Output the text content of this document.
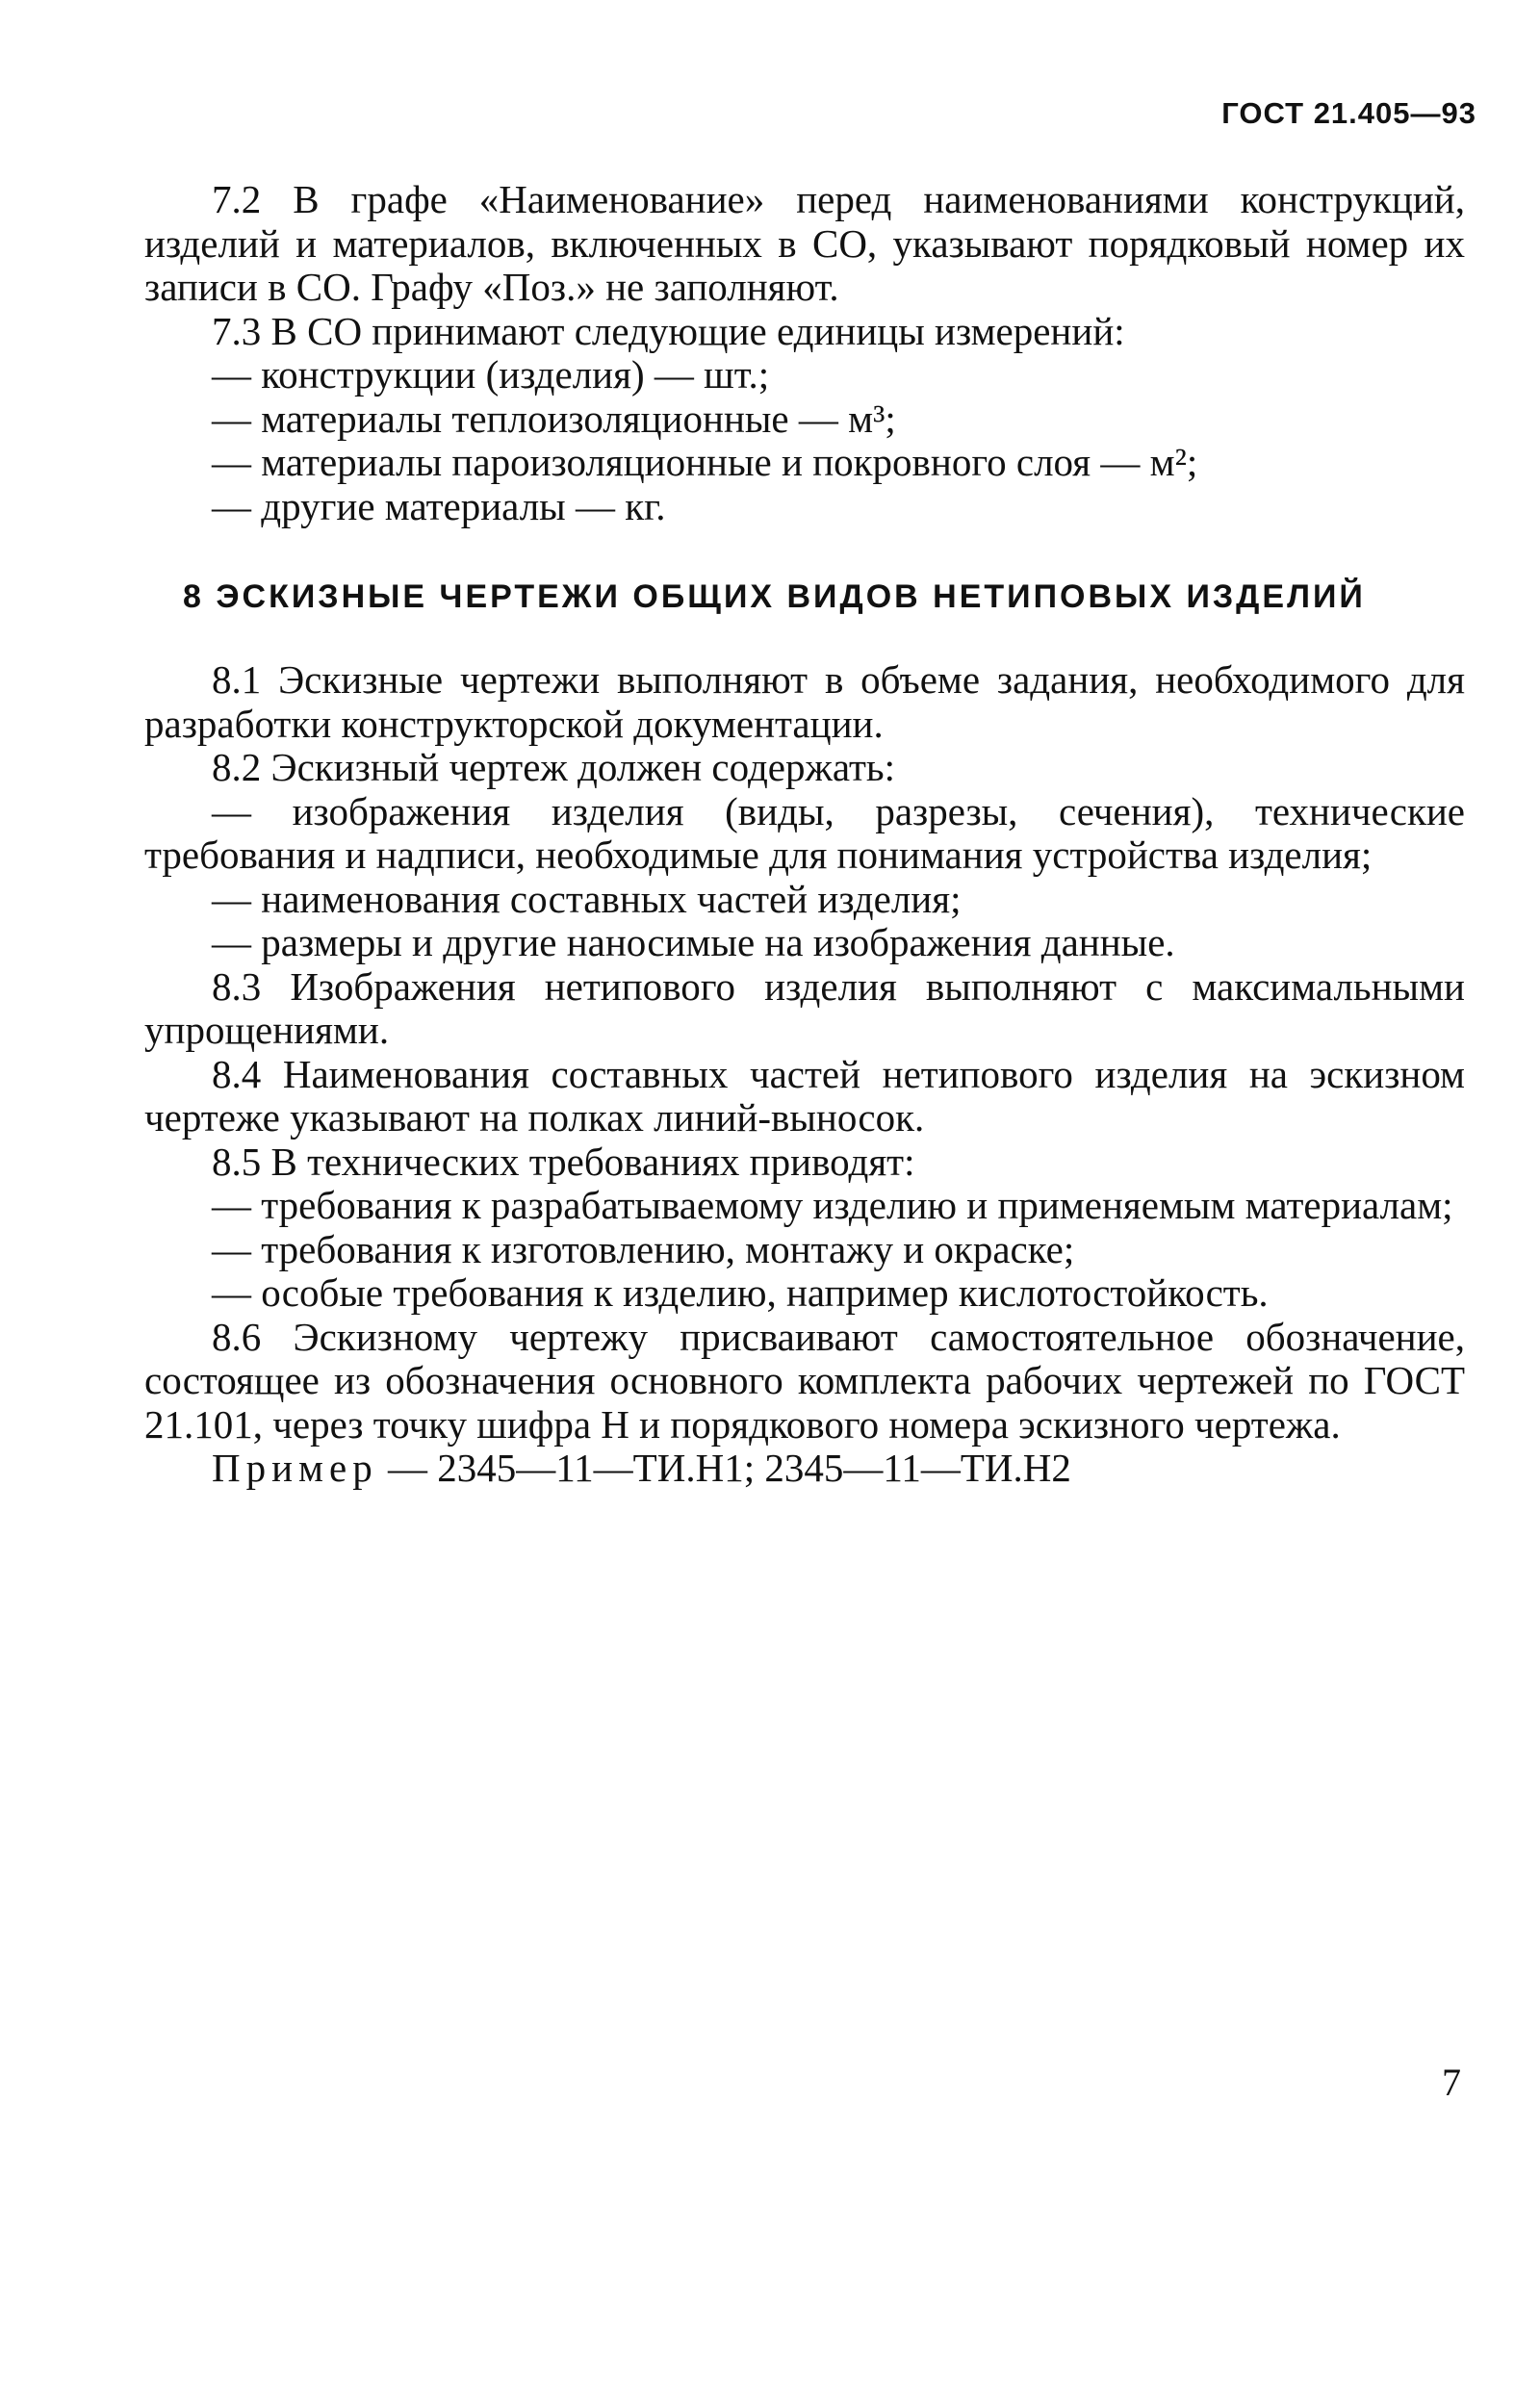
ГОСТ 21.405—93

7.2 В графе «Наименование» перед наименованиями конструкций, изделий и материалов, включенных в СО, указывают порядковый номер их записи в СО. Графу «Поз.» не заполняют.

7.3 В СО принимают следующие единицы измерений:

— конструкции (изделия) — шт.;

— материалы теплоизоляционные — м³;

— материалы пароизоляционные и покровного слоя — м²;

— другие материалы — кг.

8 ЭСКИЗНЫЕ ЧЕРТЕЖИ ОБЩИХ ВИДОВ НЕТИПОВЫХ ИЗДЕЛИЙ

8.1 Эскизные чертежи выполняют в объеме задания, необходимого для разработки конструкторской документации.

8.2 Эскизный чертеж должен содержать:

— изображения изделия (виды, разрезы, сечения), технические требования и надписи, необходимые для понимания устройства изделия;

— наименования составных частей изделия;

— размеры и другие наносимые на изображения данные.

8.3 Изображения нетипового изделия выполняют с максимальными упрощениями.

8.4 Наименования составных частей нетипового изделия на эскизном чертеже указывают на полках линий-выносок.

8.5 В технических требованиях приводят:

— требования к разрабатываемому изделию и применяемым материалам;

— требования к изготовлению, монтажу и окраске;

— особые требования к изделию, например кислотостойкость.

8.6 Эскизному чертежу присваивают самостоятельное обозначение, состоящее из обозначения основного комплекта рабочих чертежей по ГОСТ 21.101, через точку шифра Н и порядкового номера эскизного чертежа.

Пример — 2345—11—ТИ.Н1; 2345—11—ТИ.Н2

7
